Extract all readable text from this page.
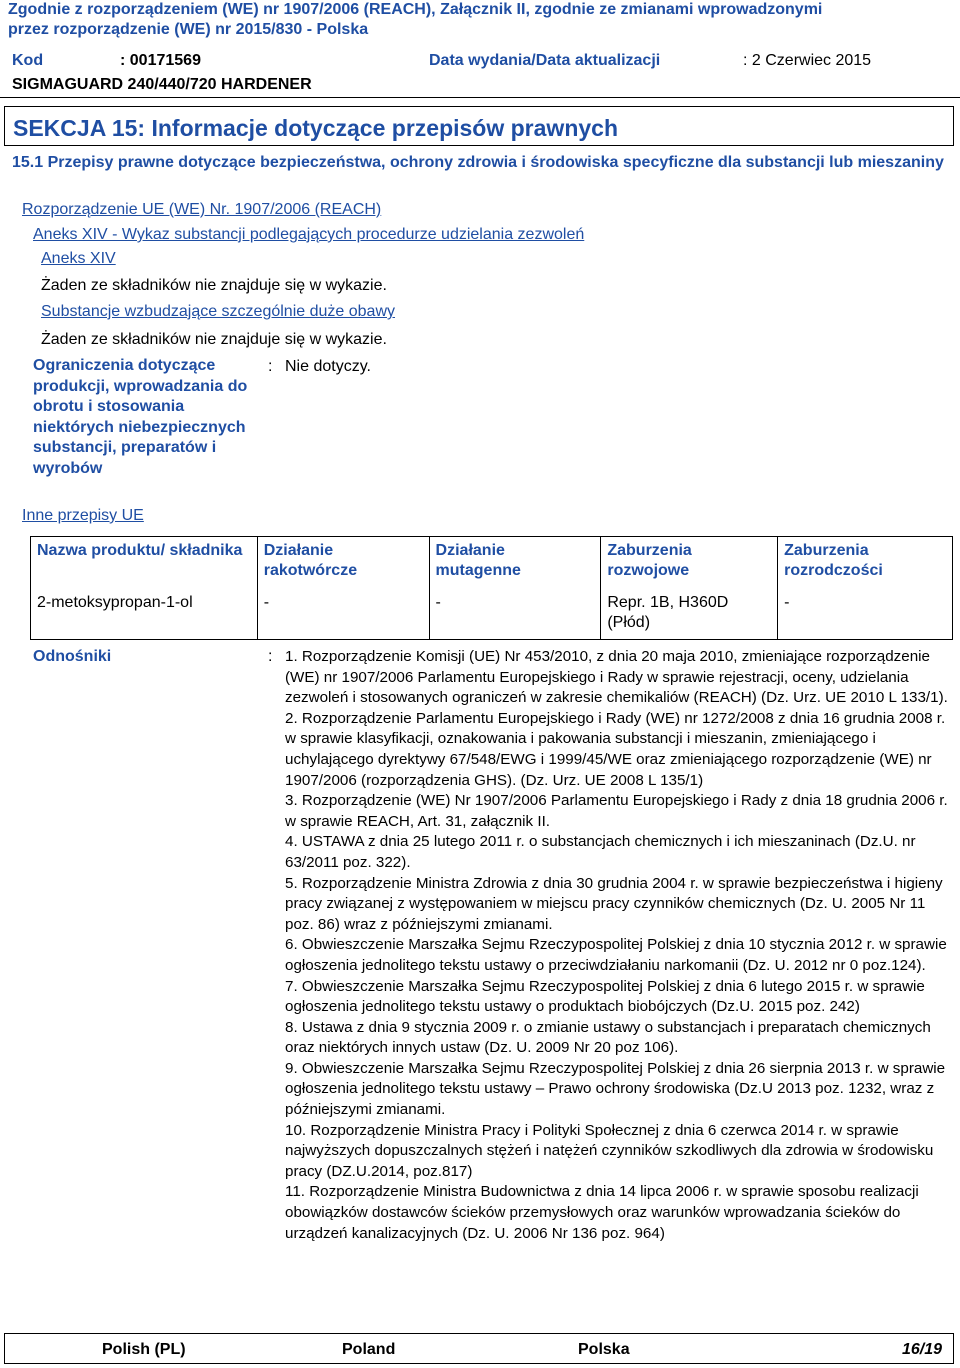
Zgodnie z rozporządzeniem (WE) nr 1907/2006 (REACH), Załącznik II, zgodnie ze zmianami wprowadzonymi
przez rozporządzenie (WE) nr 2015/830 - Polska
Kod	: 00171569	Data wydania/Data aktualizacji	: 2 Czerwiec 2015
SIGMAGUARD 240/440/720 HARDENER
SEKCJA 15: Informacje dotyczące przepisów prawnych
15.1 Przepisy prawne dotyczące bezpieczeństwa, ochrony zdrowia i środowiska specyficzne dla substancji lub mieszaniny
Rozporządzenie UE (WE) Nr. 1907/2006 (REACH)
Aneks XIV - Wykaz substancji podlegających procedurze udzielania zezwoleń
Aneks XIV
Żaden ze składników nie znajduje się w wykazie.
Substancje wzbudzające szczególnie duże obawy
Żaden ze składników nie znajduje się w wykazie.
Ograniczenia dotyczące produkcji, wprowadzania do obrotu i stosowania niektórych niebezpiecznych substancji, preparatów i wyrobów
: Nie dotyczy.
Inne przepisy UE
Nazwa produktu/ składnika	Działanie rakotwórcze	Działanie mutagenne	Zaburzenia rozwojowe	Zaburzenia rozrodczości
2-metoksypropan-1-ol	-	-	Repr. 1B, H360D (Płód)	-
Odnośniki	: 1. Rozporządzenie Komisji (UE) Nr 453/2010, z dnia 20 maja 2010, zmieniające rozporządzenie (WE) nr 1907/2006 Parlamentu Europejskiego i Rady w sprawie rejestracji, oceny, udzielania zezwoleń i stosowanych ograniczeń w zakresie chemikaliów (REACH) (Dz. Urz. UE 2010 L 133/1).

2. Rozporządzenie Parlamentu Europejskiego i Rady (WE) nr 1272/2008 z dnia 16 grudnia 2008 r. w sprawie klasyfikacji, oznakowania i pakowania substancji i mieszanin, zmieniającego i uchylającego dyrektywy 67/548/EWG i 1999/45/WE oraz zmieniającego rozporządzenie (WE) nr 1907/2006 (rozporządzenia GHS). (Dz. Urz. UE 2008 L 135/1)

3. Rozporządzenie (WE) Nr 1907/2006 Parlamentu Europejskiego i Rady z dnia 18 grudnia 2006 r. w sprawie REACH, Art. 31, załącznik II.

4. USTAWA z dnia 25 lutego 2011 r. o substancjach chemicznych i ich mieszaninach (Dz.U. nr 63/2011 poz. 322).

5. Rozporządzenie Ministra Zdrowia z dnia 30 grudnia 2004 r. w sprawie bezpieczeństwa i higieny pracy związanej z występowaniem w miejscu pracy czynników chemicznych (Dz. U. 2005 Nr 11 poz. 86) wraz z późniejszymi zmianami.

6. Obwieszczenie Marszałka Sejmu Rzeczypospolitej Polskiej z dnia 10 stycznia 2012 r. w sprawie ogłoszenia jednolitego tekstu ustawy o przeciwdziałaniu narkomanii (Dz. U. 2012 nr 0 poz.124).

7. Obwieszczenie Marszałka Sejmu Rzeczypospolitej Polskiej z dnia 6 lutego 2015 r. w sprawie ogłoszenia jednolitego tekstu ustawy o produktach biobójczych (Dz.U. 2015 poz. 242)

8. Ustawa z dnia 9 stycznia 2009 r. o zmianie ustawy o substancjach i preparatach chemicznych oraz niektórych innych ustaw (Dz. U. 2009 Nr 20 poz 106).

9. Obwieszczenie Marszałka Sejmu Rzeczypospolitej Polskiej z dnia 26 sierpnia 2013 r. w sprawie ogłoszenia jednolitego tekstu ustawy – Prawo ochrony środowiska (Dz.U 2013 poz. 1232, wraz z późniejszymi zmianami.

10. Rozporządzenie Ministra Pracy i Polityki Społecznej z dnia 6 czerwca 2014 r. w sprawie najwyższych dopuszczalnych stężeń i natężeń czynników szkodliwych dla zdrowia w środowisku pracy (DZ.U.2014, poz.817)

11. Rozporządzenie Ministra Budownictwa z dnia 14 lipca 2006 r. w sprawie sposobu realizacji obowiązków dostawców ścieków przemysłowych oraz warunków wprowadzania ścieków do urządzeń kanalizacyjnych (Dz. U. 2006 Nr 136 poz. 964)

Polish (PL)	Poland	Polska	16/19
